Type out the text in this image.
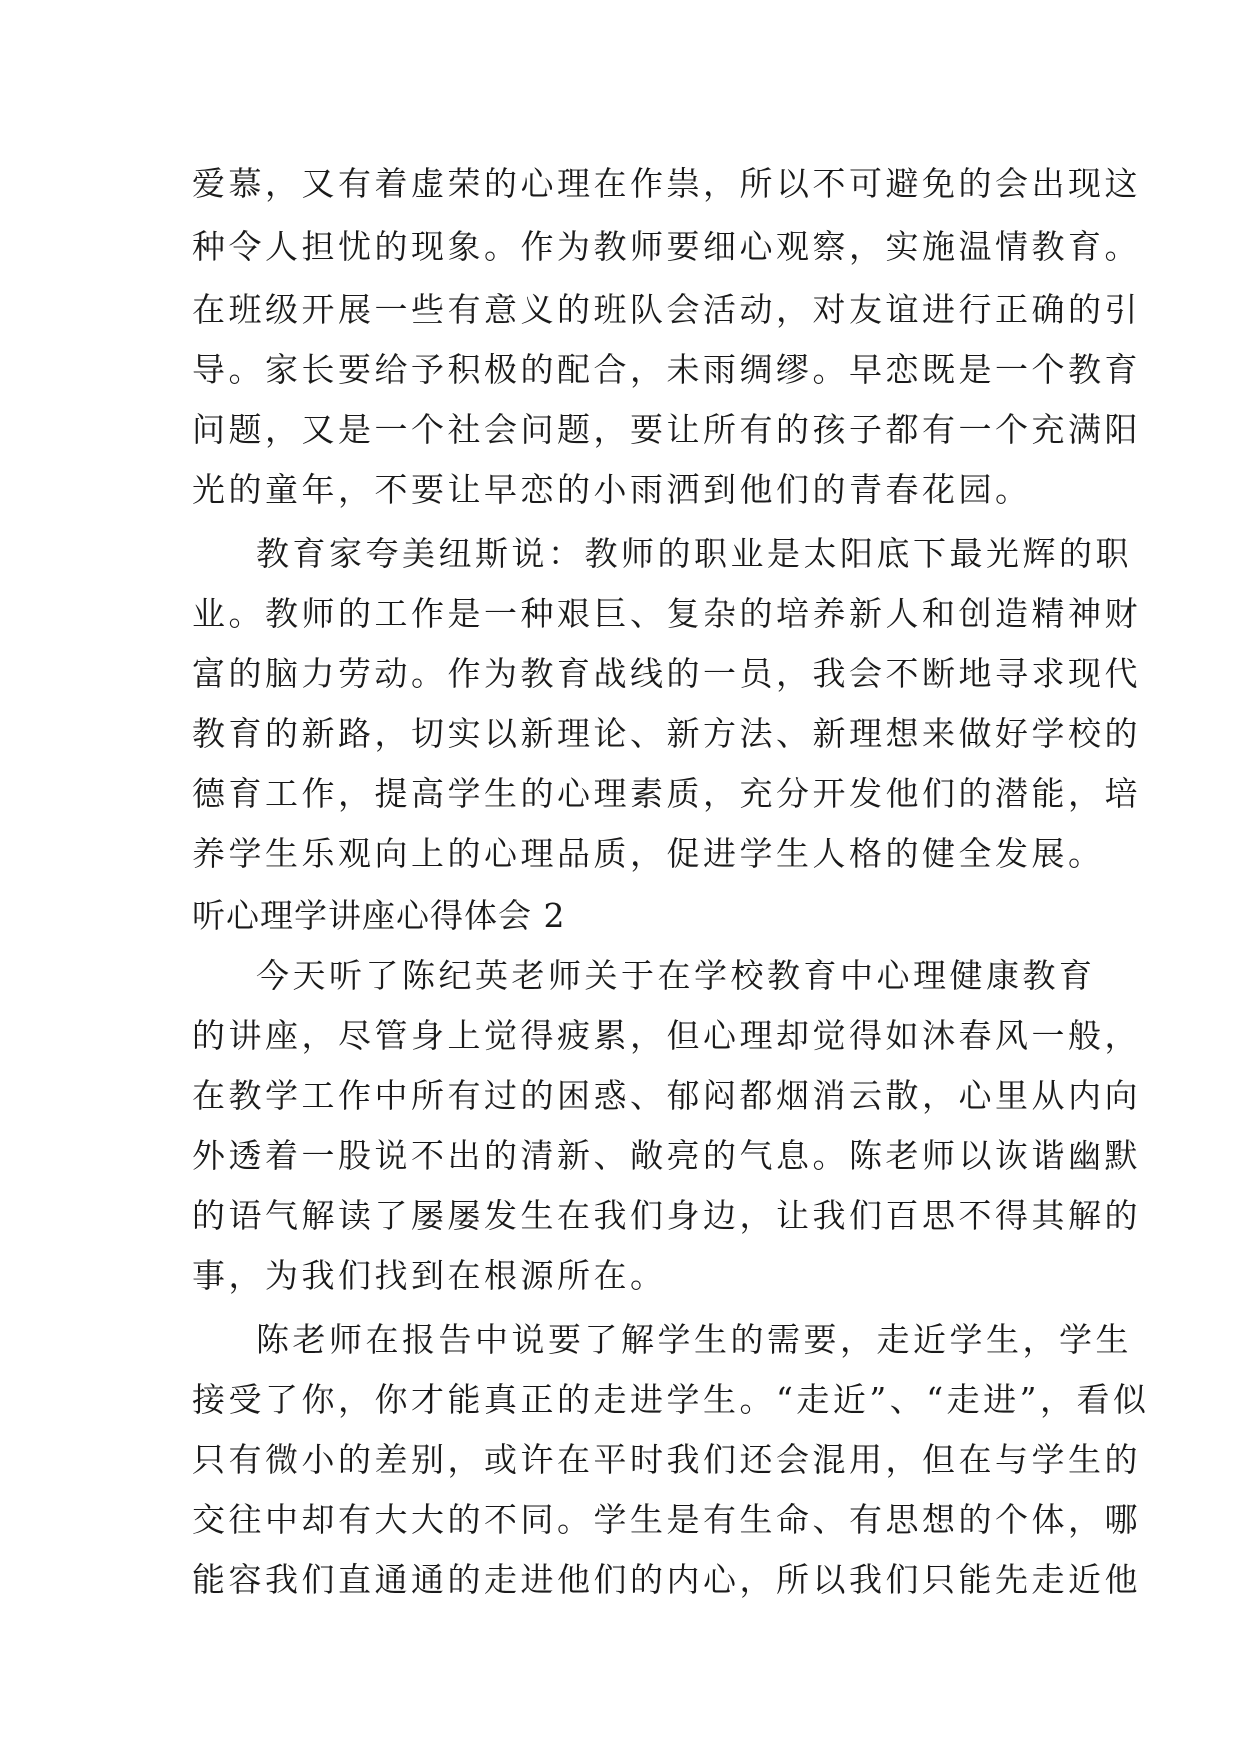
爱慕，又有着虚荣的心理在作祟，所以不可避免的会出现这
种令人担忧的现象。作为教师要细心观察，实施温情教育。
在班级开展一些有意义的班队会活动，对友谊进行正确的引
导。家长要给予积极的配合，未雨绸缪。早恋既是一个教育
问题，又是一个社会问题，要让所有的孩子都有一个充满阳
光的童年，不要让早恋的小雨洒到他们的青春花园。
教育家夸美纽斯说：教师的职业是太阳底下最光辉的职
业。教师的工作是一种艰巨、复杂的培养新人和创造精神财
富的脑力劳动。作为教育战线的一员，我会不断地寻求现代
教育的新路，切实以新理论、新方法、新理想来做好学校的
德育工作，提高学生的心理素质，充分开发他们的潜能，培
养学生乐观向上的心理品质，促进学生人格的健全发展。
听心理学讲座心得体会 2
今天听了陈纪英老师关于在学校教育中心理健康教育
的讲座，尽管身上觉得疲累，但心理却觉得如沐春风一般，
在教学工作中所有过的困惑、郁闷都烟消云散，心里从内向
外透着一股说不出的清新、敞亮的气息。陈老师以诙谐幽默
的语气解读了屡屡发生在我们身边，让我们百思不得其解的
事，为我们找到在根源所在。
陈老师在报告中说要了解学生的需要，走近学生，学生
接受了你，你才能真正的走进学生。“走近”、“走进”，看似
只有微小的差别，或许在平时我们还会混用，但在与学生的
交往中却有大大的不同。学生是有生命、有思想的个体，哪
能容我们直通通的走进他们的内心，所以我们只能先走近他
